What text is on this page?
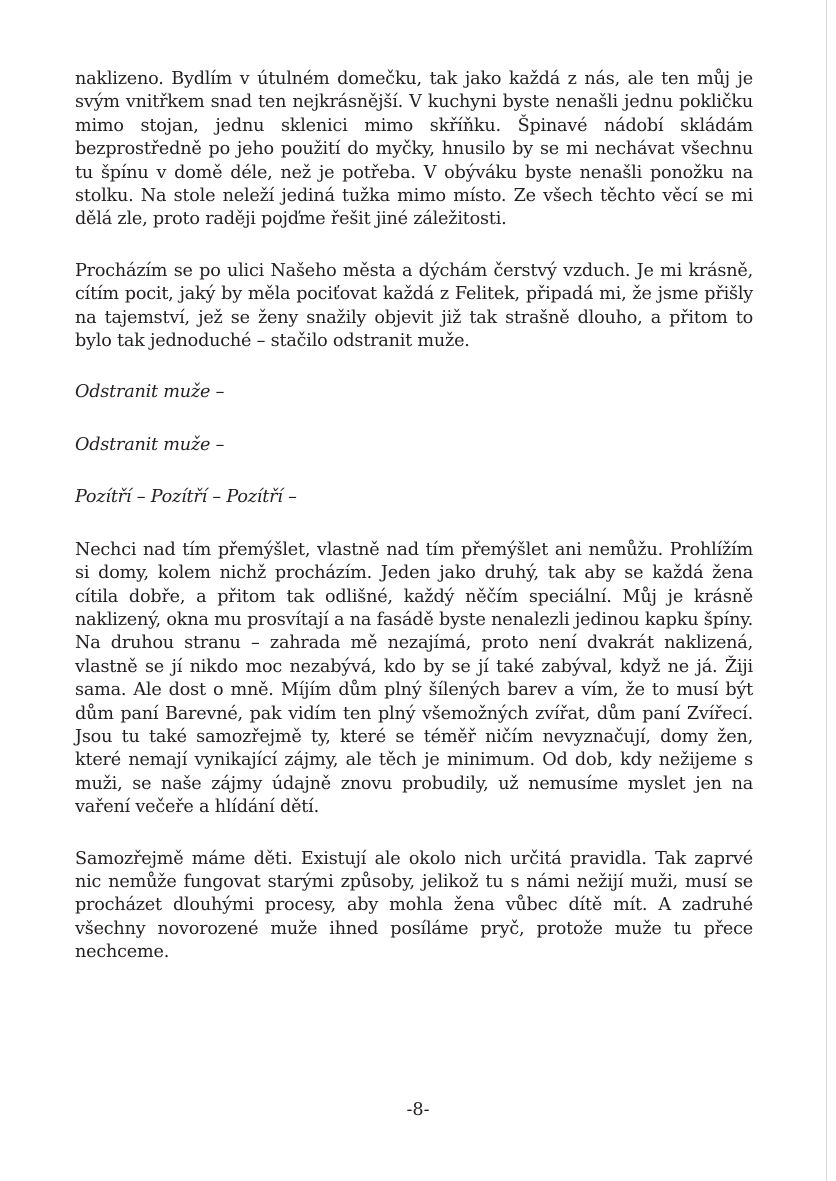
naklizeno. Bydlím v útulném domečku, tak jako každá z nás, ale ten můj je svým vnitřkem snad ten nejkrásnější. V kuchyni byste nenašli jednu pokličku mimo stojan, jednu sklenici mimo skříňku. Špinavé nádobí skládám bezprostředně po jeho použití do myčky, hnusilo by se mi nechávat všechnu tu špínu v domě déle, než je potřeba. V obýváku byste nenašli ponožku na stolku. Na stole neleží jediná tužka mimo místo. Ze všech těchto věcí se mi dělá zle, proto raději pojďme řešit jiné záležitosti.

Procházím se po ulici Našeho města a dýchám čerstvý vzduch. Je mi krásně, cítím pocit, jaký by měla pociťovat každá z Felitek, připadá mi, že jsme přišly na tajemství, jež se ženy snažily objevit již tak strašně dlouho, a přitom to bylo tak jednoduché – stačilo odstranit muže.

Odstranit muže –

Odstranit muže –

Pozítří – Pozítří – Pozítří –

Nechci nad tím přemýšlet, vlastně nad tím přemýšlet ani nemůžu. Prohlížím si domy, kolem nichž procházím. Jeden jako druhý, tak aby se každá žena cítila dobře, a přitom tak odlišné, každý něčím speciální. Můj je krásně naklizený, okna mu prosvítají a na fasádě byste nenalezli jedinou kapku špíny. Na druhou stranu – zahrada mě nezajímá, proto není dvakrát naklizená, vlastně se jí nikdo moc nezabývá, kdo by se jí také zabýval, když ne já. Žiji sama. Ale dost o mně. Míjím dům plný šílených barev a vím, že to musí být dům paní Barevné, pak vidím ten plný všemožných zvířat, dům paní Zvířecí. Jsou tu také samozřejmě ty, které se téměř ničím nevyznačují, domy žen, které nemají vynikající zájmy, ale těch je minimum. Od dob, kdy nežijeme s muži, se naše zájmy údajně znovu probudily, už nemusíme myslet jen na vaření večeře a hlídání dětí.

Samozřejmě máme děti. Existují ale okolo nich určitá pravidla. Tak zaprvé nic nemůže fungovat starými způsoby, jelikož tu s námi nežijí muži, musí se procházet dlouhými procesy, aby mohla žena vůbec dítě mít. A zadruhé všechny novorozené muže ihned posíláme pryč, protože muže tu přece nechceme.

-8-
